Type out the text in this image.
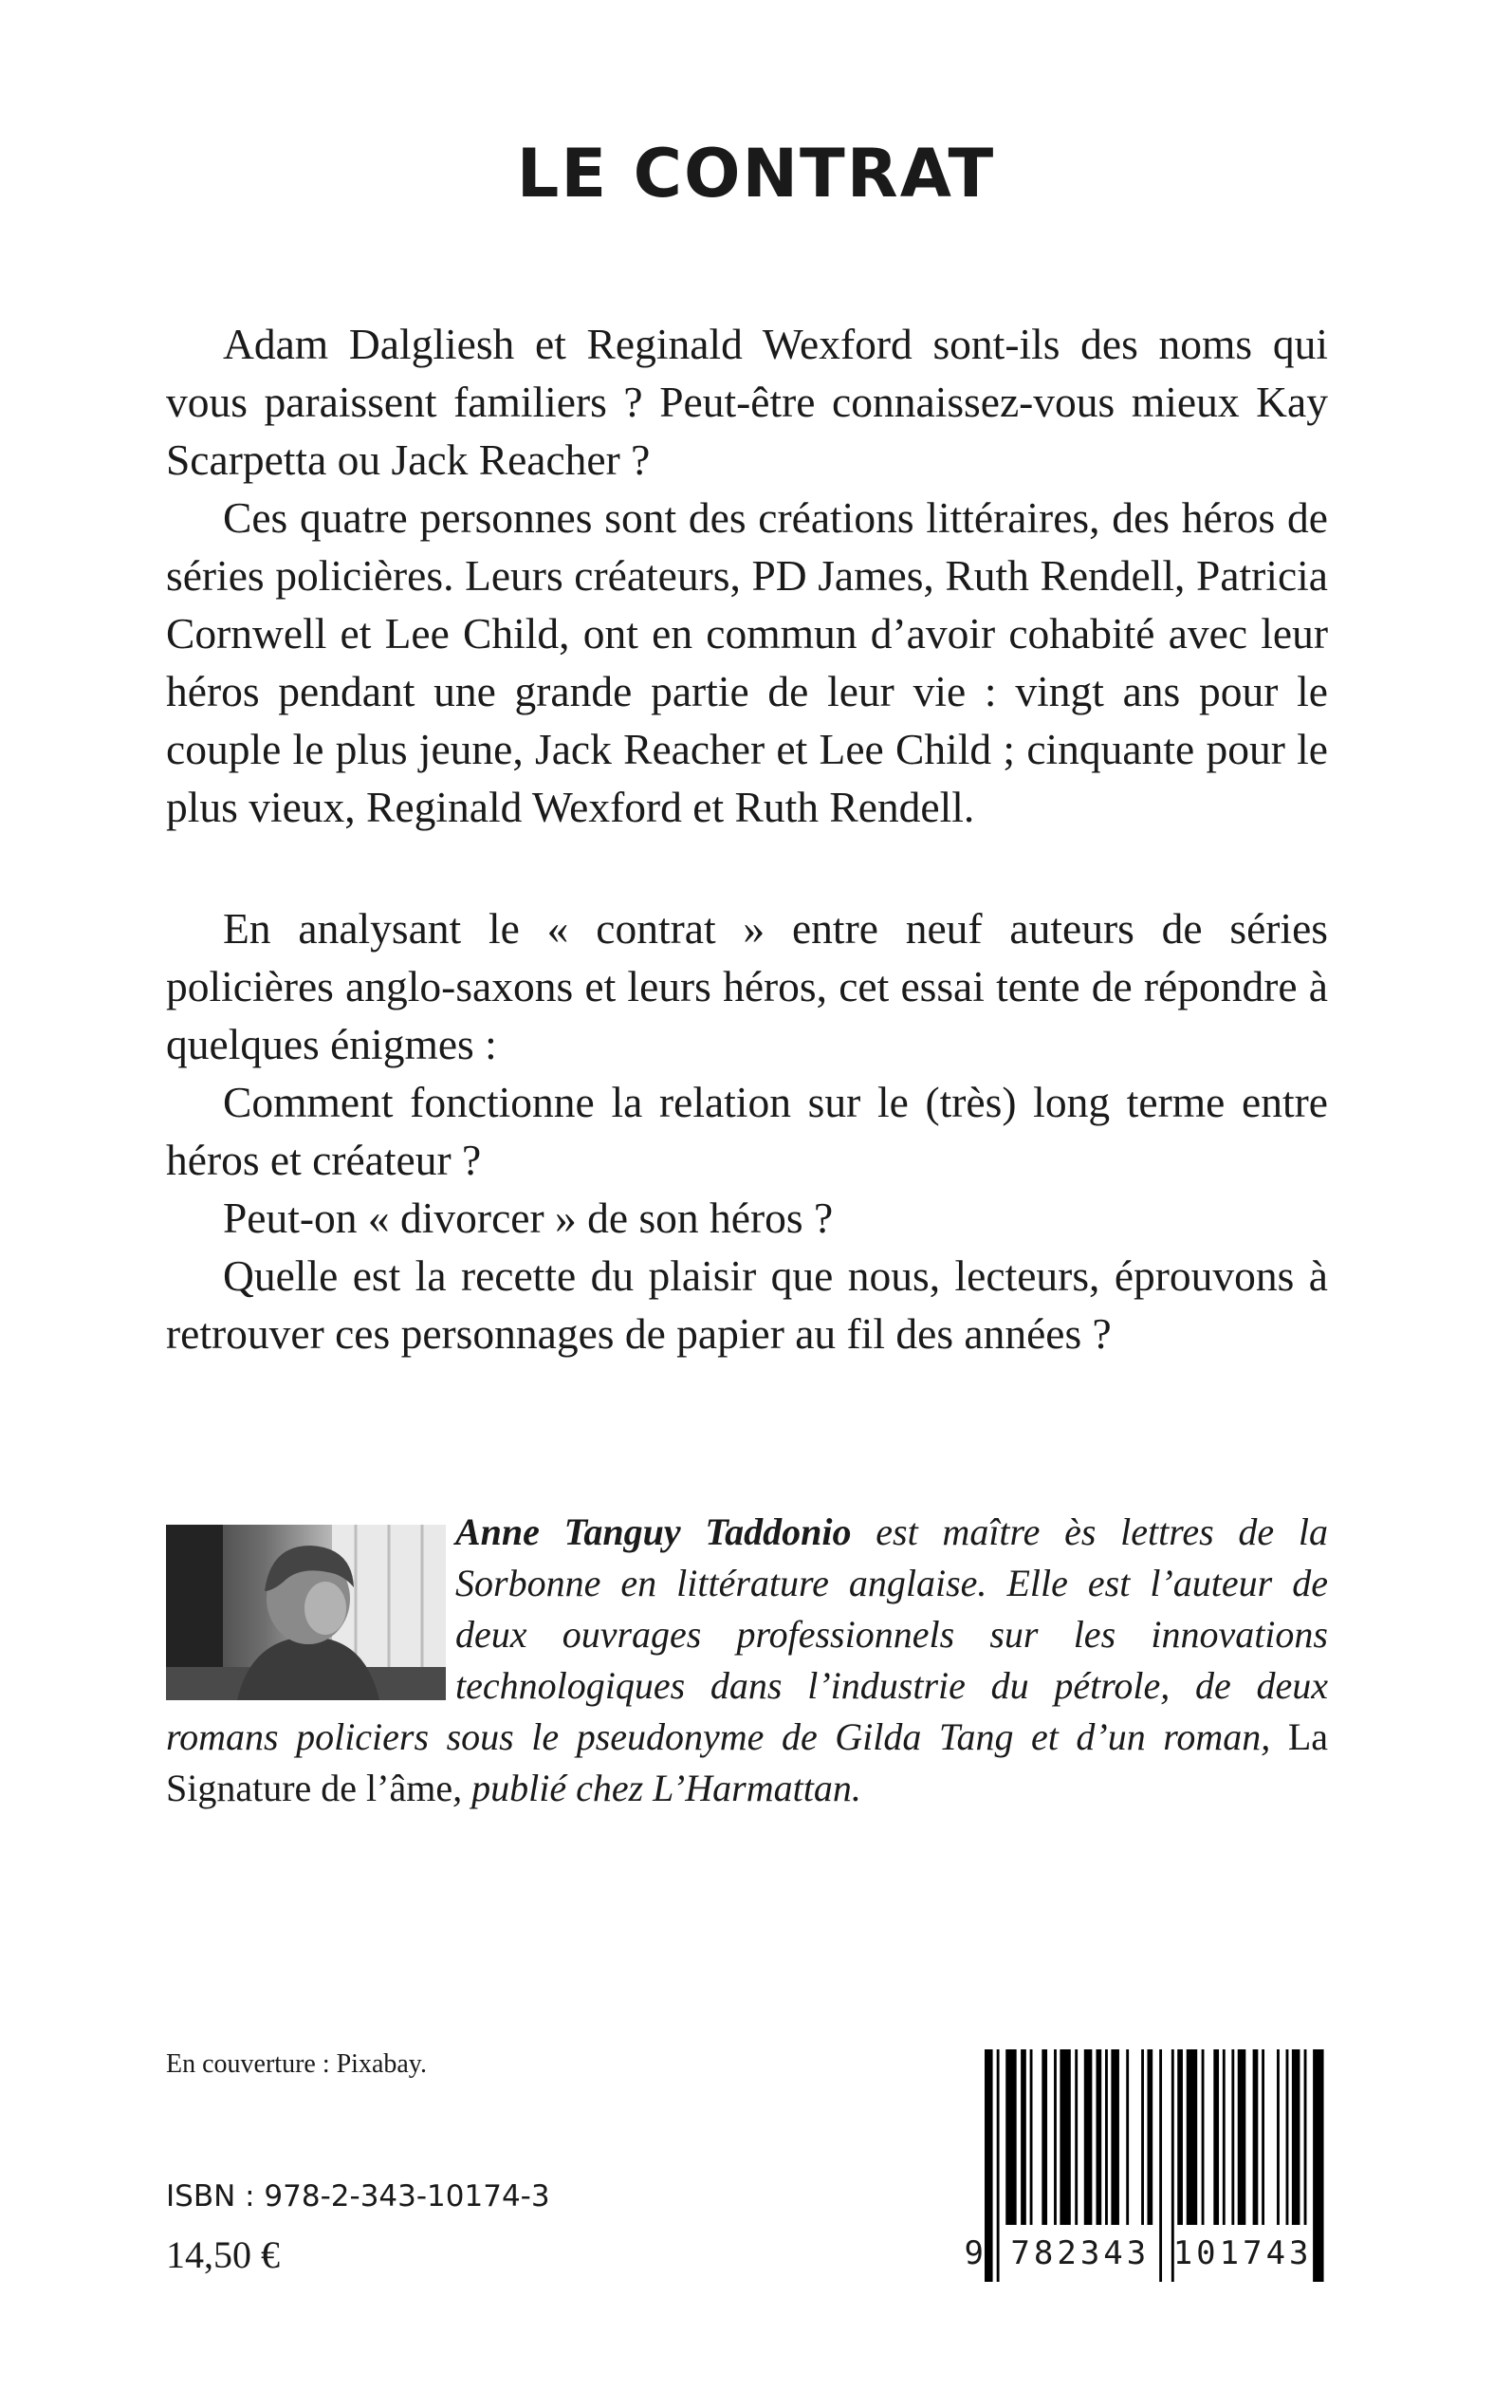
LE CONTRAT

Adam Dalgliesh et Reginald Wexford sont-ils des noms qui vous paraissent familiers ? Peut-être connaissez-vous mieux Kay Scarpetta ou Jack Reacher ?

Ces quatre personnes sont des créations littéraires, des héros de séries policières. Leurs créateurs, PD James, Ruth Rendell, Patricia Cornwell et Lee Child, ont en commun d’avoir cohabité avec leur héros pendant une grande partie de leur vie : vingt ans pour le couple le plus jeune, Jack Reacher et Lee Child ; cinquante pour le plus vieux, Reginald Wexford et Ruth Rendell.

En analysant le « contrat » entre neuf auteurs de séries policières anglo-saxons et leurs héros, cet essai tente de répondre à quelques énigmes :

Comment fonctionne la relation sur le (très) long terme entre héros et créateur ?

Peut-on « divorcer » de son héros ?

Quelle est la recette du plaisir que nous, lecteurs, éprouvons à retrouver ces personnages de papier au fil des années ?

Anne Tanguy Taddonio est maître ès lettres de la Sorbonne en littérature anglaise. Elle est l’auteur de deux ouvrages professionnels sur les innovations technologiques dans l’industrie du pétrole, de deux romans policiers sous le pseudonyme de Gilda Tang et d’un roman, La Signature de l’âme, publié chez L’Harmattan.
En couverture : Pixabay.
ISBN : 978-2-343-10174-3
14,50 €	9 782343 101743
